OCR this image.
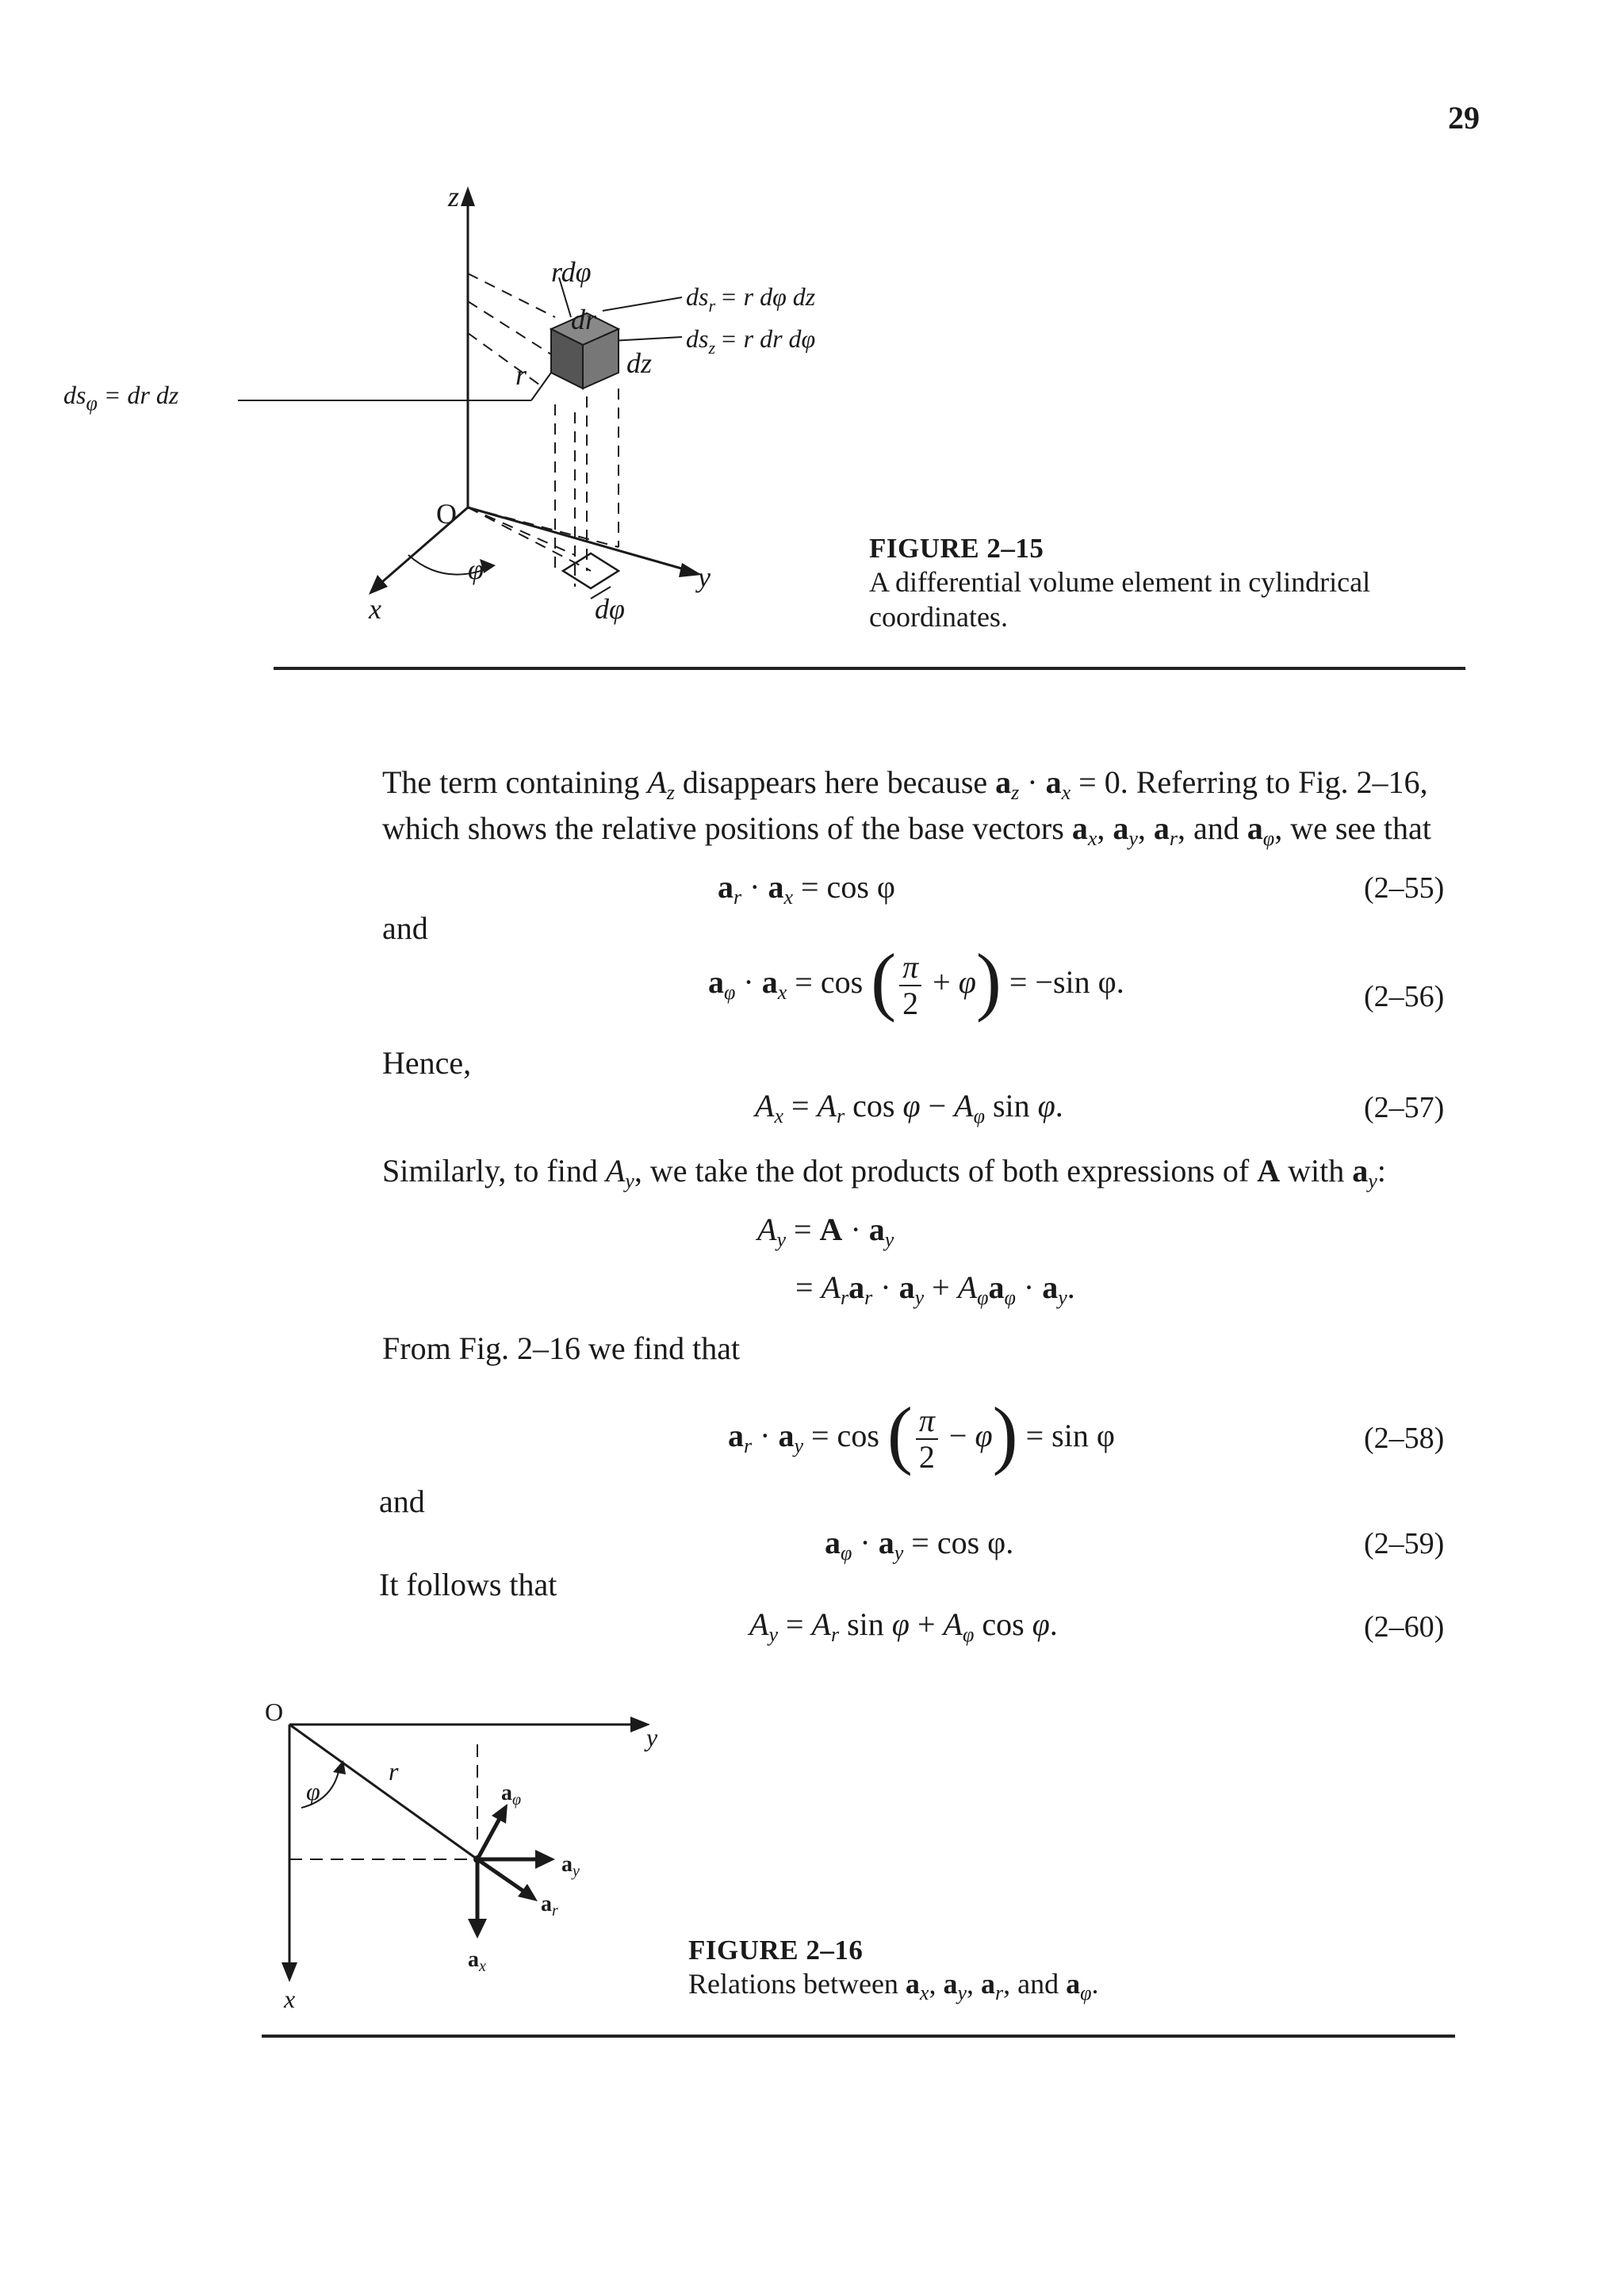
29
z
O
x
y
rdφ
dr
dz
r
φ
dφ
$ds_r = r$ dφ dz
$ds_z = r$ dr dφ
$ds_\varphi$ = dr dz
FIGURE 2–15
A differential volume element in cylindrical
coordinates.
The term containing $A_z$ disappears here because $a_z \cdot a_x = 0$. Referring to Fig. 2–16,
which shows the relative positions of the base vectors $a_x$, $a_y$, $a_r$, and $a_\varphi$, we see that
$a_r \cdot a_x = \cos \varphi$	(2–55)
and
$a_\varphi \cdot a_x = \cos$ ( $\frac{\pi}{2} + \varphi) = -\sin$ φ.	(2–56)
Hence,
$A_x = A_r$ $\cos \varphi - A_\varphi$ sin φ.	(2–57)
Similarly, to find $A_y$, we take the dot products of both expressions of A with $a_y$:
$A_y = A \cdot a_y$
= $A_ra_r \cdot a_y + A_\varphi a_\varphi \cdot a_y$.
From Fig. 2–16 we find that
$a_r \cdot a_y = \cos$ ( $\frac{\pi}{2} - \varphi) = \sin \varphi$	(2–58)
and
$a_\varphi \cdot a_y = \cos \varphi$.	(2–59)
It follows that
$A_y = A_r$ $\sin \varphi + A_\varphi$ cos φ.	(2–60)
O
y
x
r
φ	$a_\varphi$
$a_y$
$a_r$
$a_x$
FIGURE 2–16
Relations between $a_x$, $a_y$, $a_r$, and $a_\varphi$.
